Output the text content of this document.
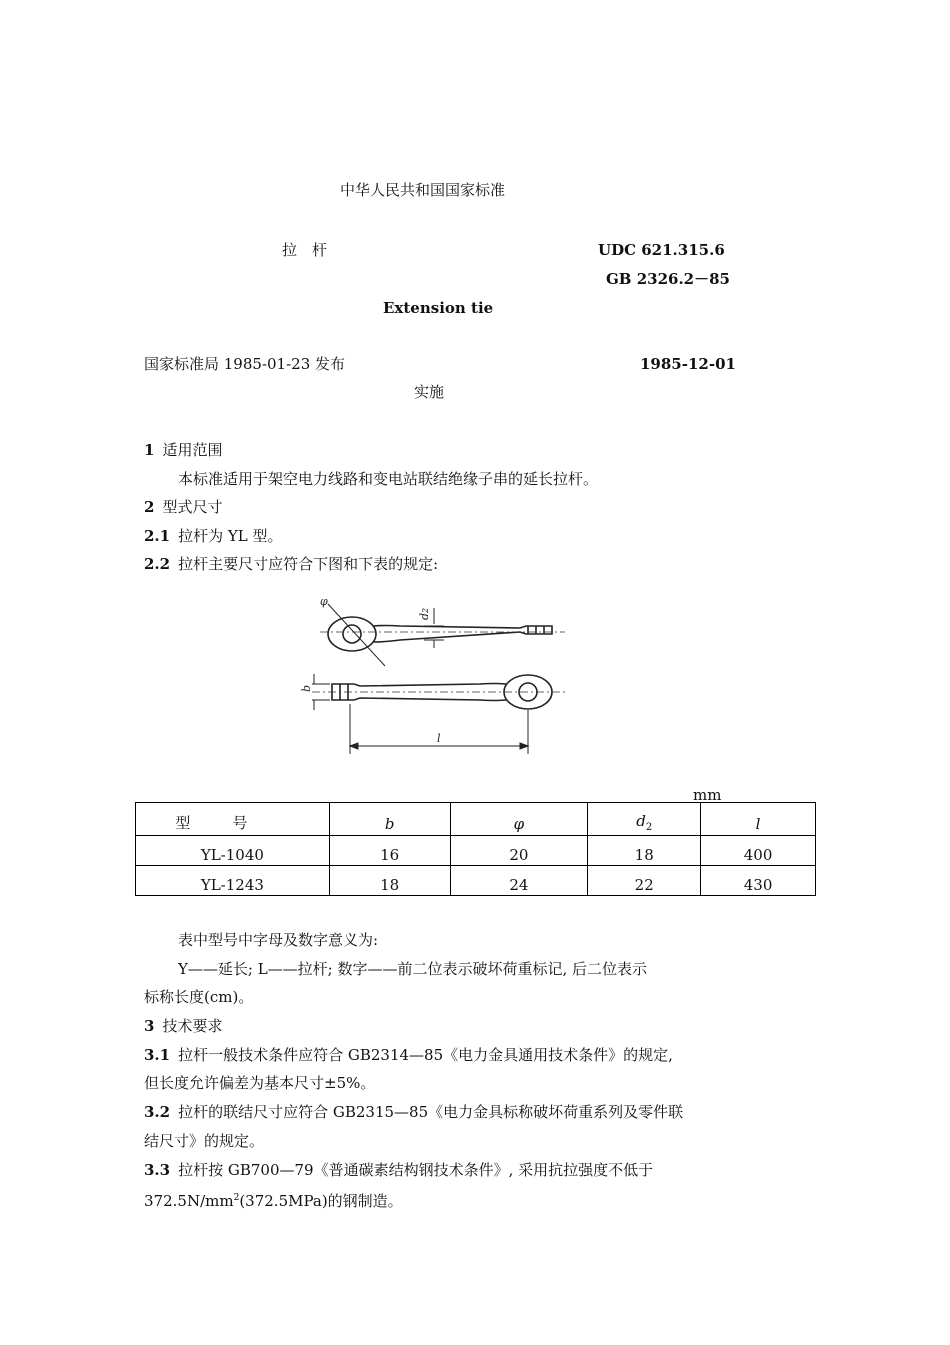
中华人民共和国国家标准
拉　杆	UDC 621.315.6
GB 2326.2－85
Extension tie
国家标准局 1985-01-23 发布	1985-12-01
实施
1 适用范围
本标准适用于架空电力线路和变电站联结绝缘子串的延长拉杆。
2 型式尺寸
2.1 拉杆为 YL 型。
2.2 拉杆主要尺寸应符合下图和下表的规定:
φ
d2
b
l
mm
型号	b	φ	$d_2$	l
YL-1040	16	20	18	400
YL-1243	18	24	22	430
表中型号中字母及数字意义为:
Y——延长; L——拉杆; 数字——前二位表示破坏荷重标记, 后二位表示
标称长度(cm)。
3 技术要求
3.1 拉杆一般技术条件应符合 GB2314—85《电力金具通用技术条件》的规定,
但长度允许偏差为基本尺寸±5%。
3.2 拉杆的联结尺寸应符合 GB2315—85《电力金具标称破坏荷重系列及零件联
结尺寸》的规定。
3.3 拉杆按 GB700—79《普通碳素结构钢技术条件》, 采用抗拉强度不低于
$372.5N/mm^2(372.5MPa)$的钢制造。
